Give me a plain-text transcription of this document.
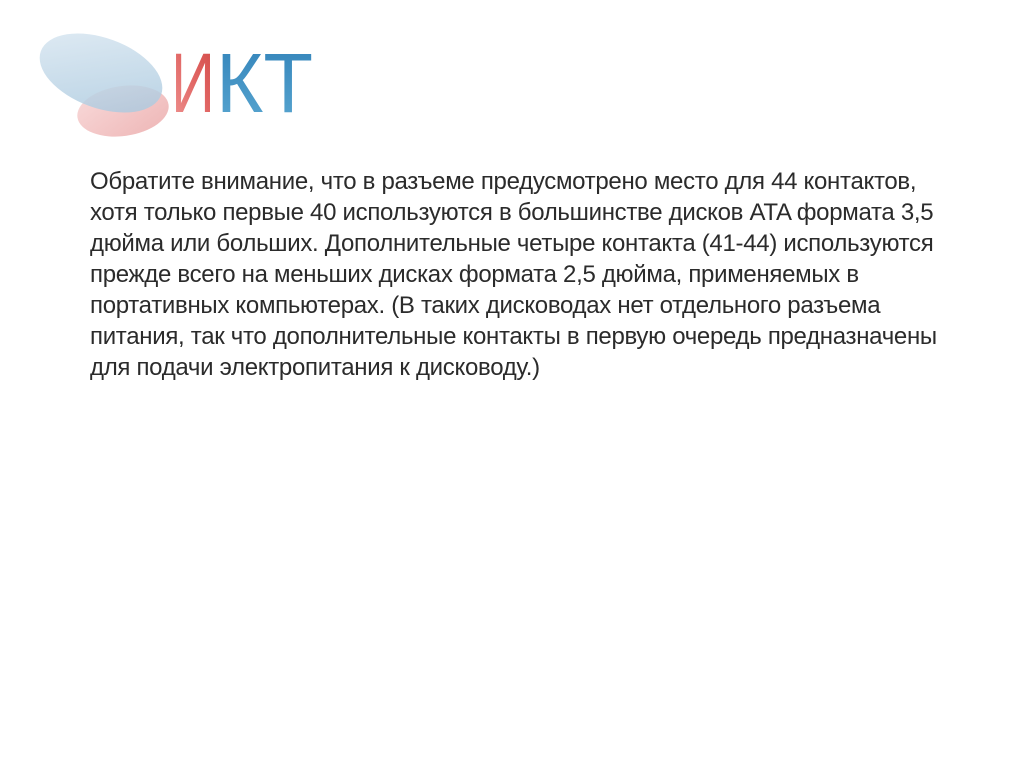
И КТ

Обратите внимание, что в разъеме предусмотрено место для 44 контактов,
хотя только первые 40 используются в большинстве дисков ATA формата 3,5
дюйма или больших. Дополнительные четыре контакта (41-44) используются
прежде всего на меньших дисках формата 2,5 дюйма, применяемых в
портативных компьютерах. (В таких дисководах нет отдельного разъема
питания, так что дополнительные контакты в первую очередь предназначены
для подачи электропитания к дисководу.)
